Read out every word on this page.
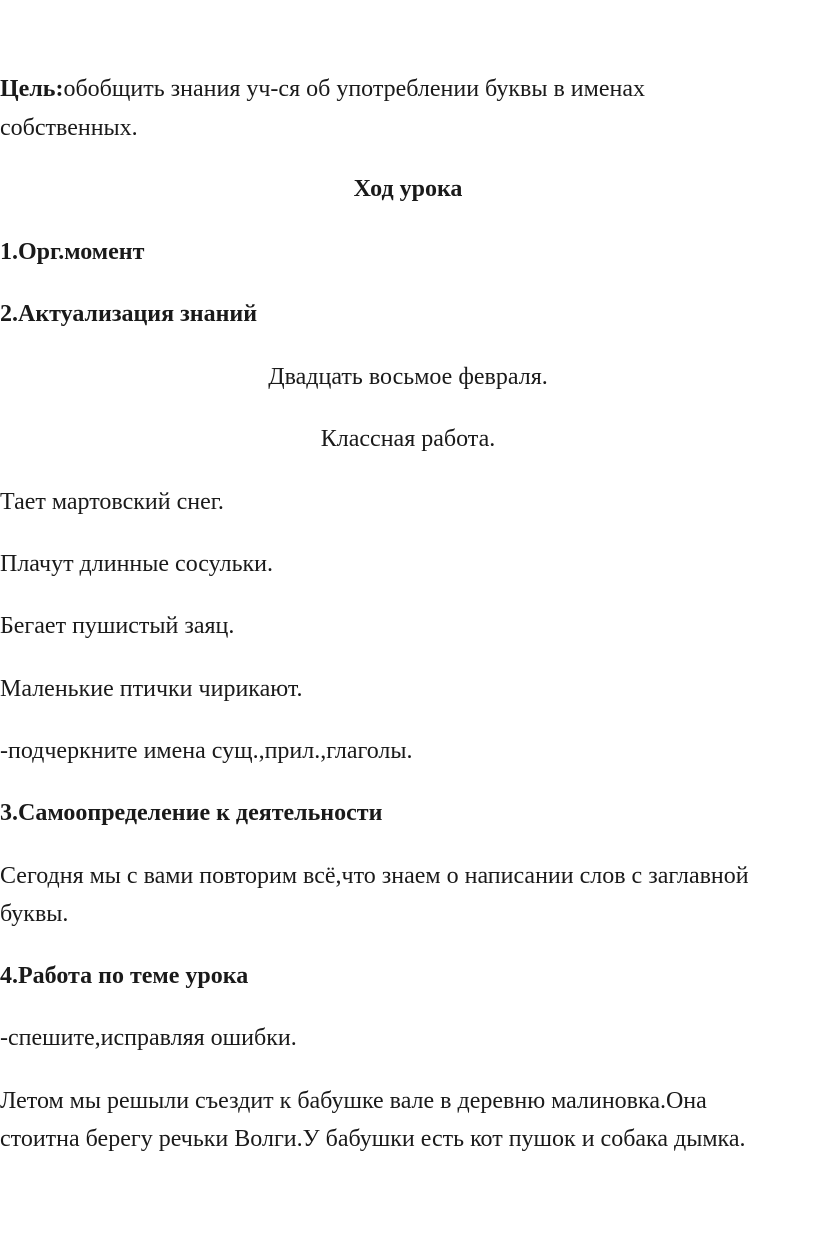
Цель:обобщить знания уч-ся об употреблении буквы в именах
собственных.
Ход урока
1.Орг.момент
2.Актуализация знаний
Двадцать восьмое февраля.
Классная работа.
Тает мартовский снег.
Плачут длинные сосульки.
Бегает пушистый заяц.
Маленькие птички чирикают.
-подчеркните имена сущ.,прил.,глаголы.
3.Самоопределение к деятельности
Сегодня мы с вами повторим всё,что знаем о написании слов с заглавной
буквы.
4.Работа по теме урока
-спешите,исправляя ошибки.
Летом мы решыли съездит к бабушке вале в деревню малиновка.Она
стоитна берегу речьки Волги.У бабушки есть кот пушок и собака дымка.
